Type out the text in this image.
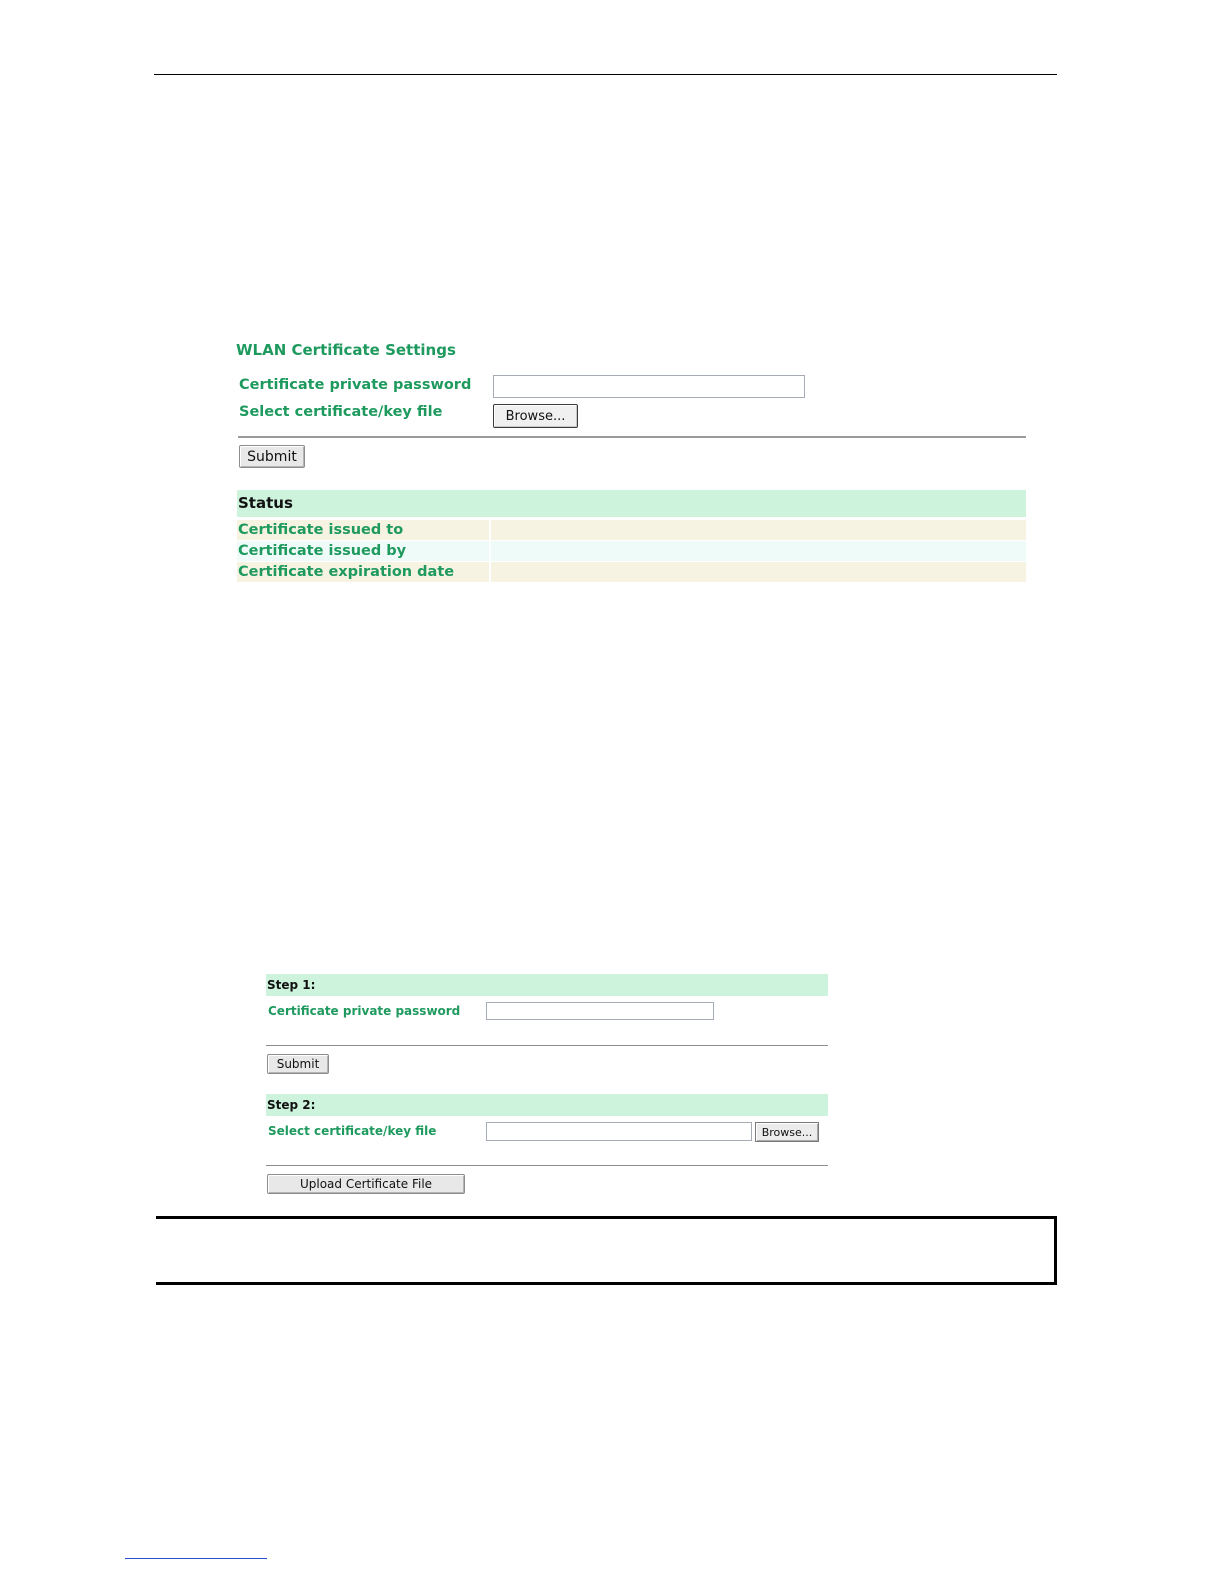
WLAN Certificate Settings
Certificate private password
Select certificate/key file	Browse...
Submit
Status
Certificate issued to
Certificate issued by
Certificate expiration date
Step 1:
Certificate private password
Submit
Step 2:
Select certificate/key file	Browse...
Upload Certificate File
